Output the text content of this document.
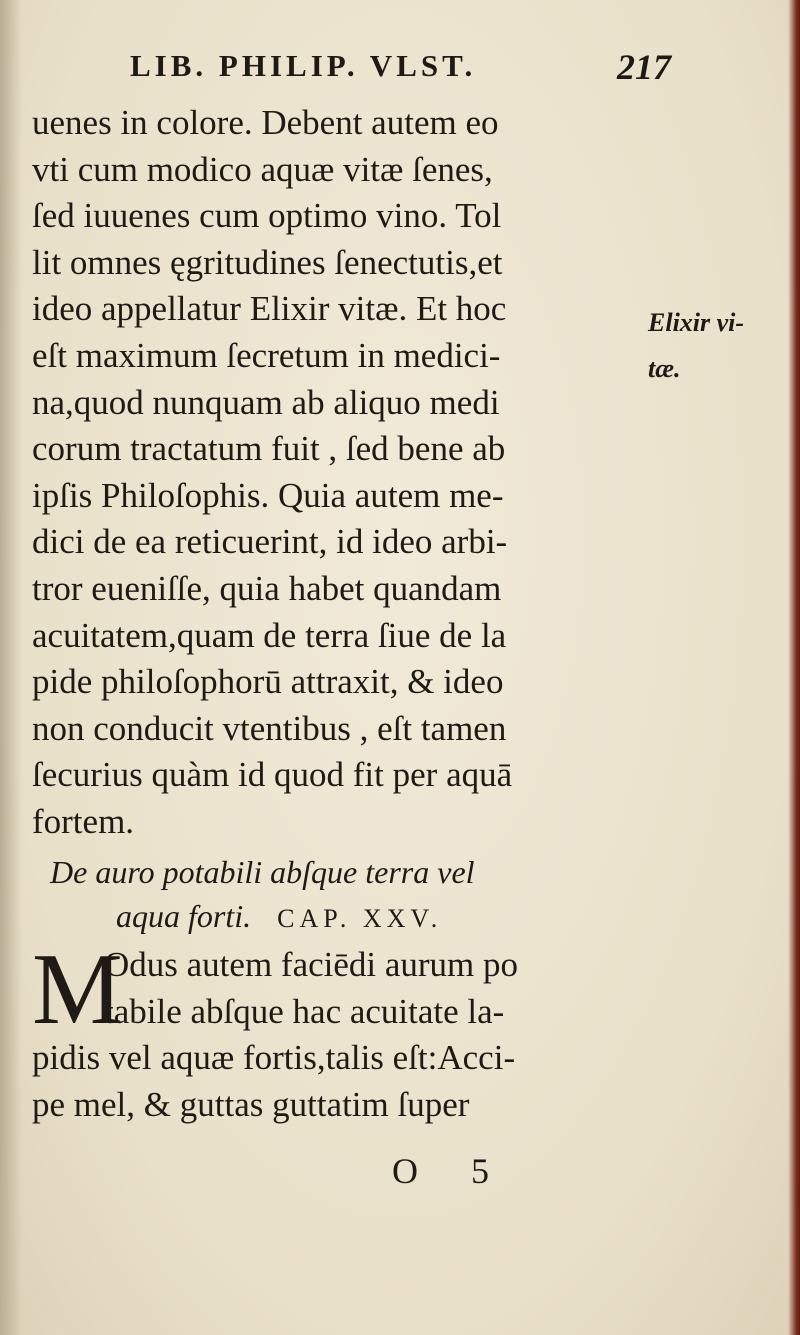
LIB. PHILIP. VLST.	217
uenes in colore. Debent autem eo
vti cum modico aquæ vitæ ſenes,
ſed iuuenes cum optimo vino. Tol
lit omnes ęgritudines ſenectutis,et
ideo appellatur Elixir vitæ. Et hoc
eſt maximum ſecretum in medici-
na,quod nunquam ab aliquo medi
corum tractatum fuit , ſed bene ab
ipſis Philoſophis. Quia autem me-
dici de ea reticuerint, id ideo arbi-
tror eueniſſe, quia habet quandam
acuitatem,quam de terra ſiue de la
pide philoſophorū attraxit, & ideo
non conducit vtentibus , eſt tamen
ſecurius quàm id quod fit per aquā
fortem.
Elixir vi-
tæ.
De auro potabili abſque terra vel
aqua forti. CAP. XXV.
M
Odus autem faciēdi aurum po
tabile abſque hac acuitate la-
pidis vel aquæ fortis,talis eſt:Acci-
pe mel, & guttas guttatim ſuper
O 5
